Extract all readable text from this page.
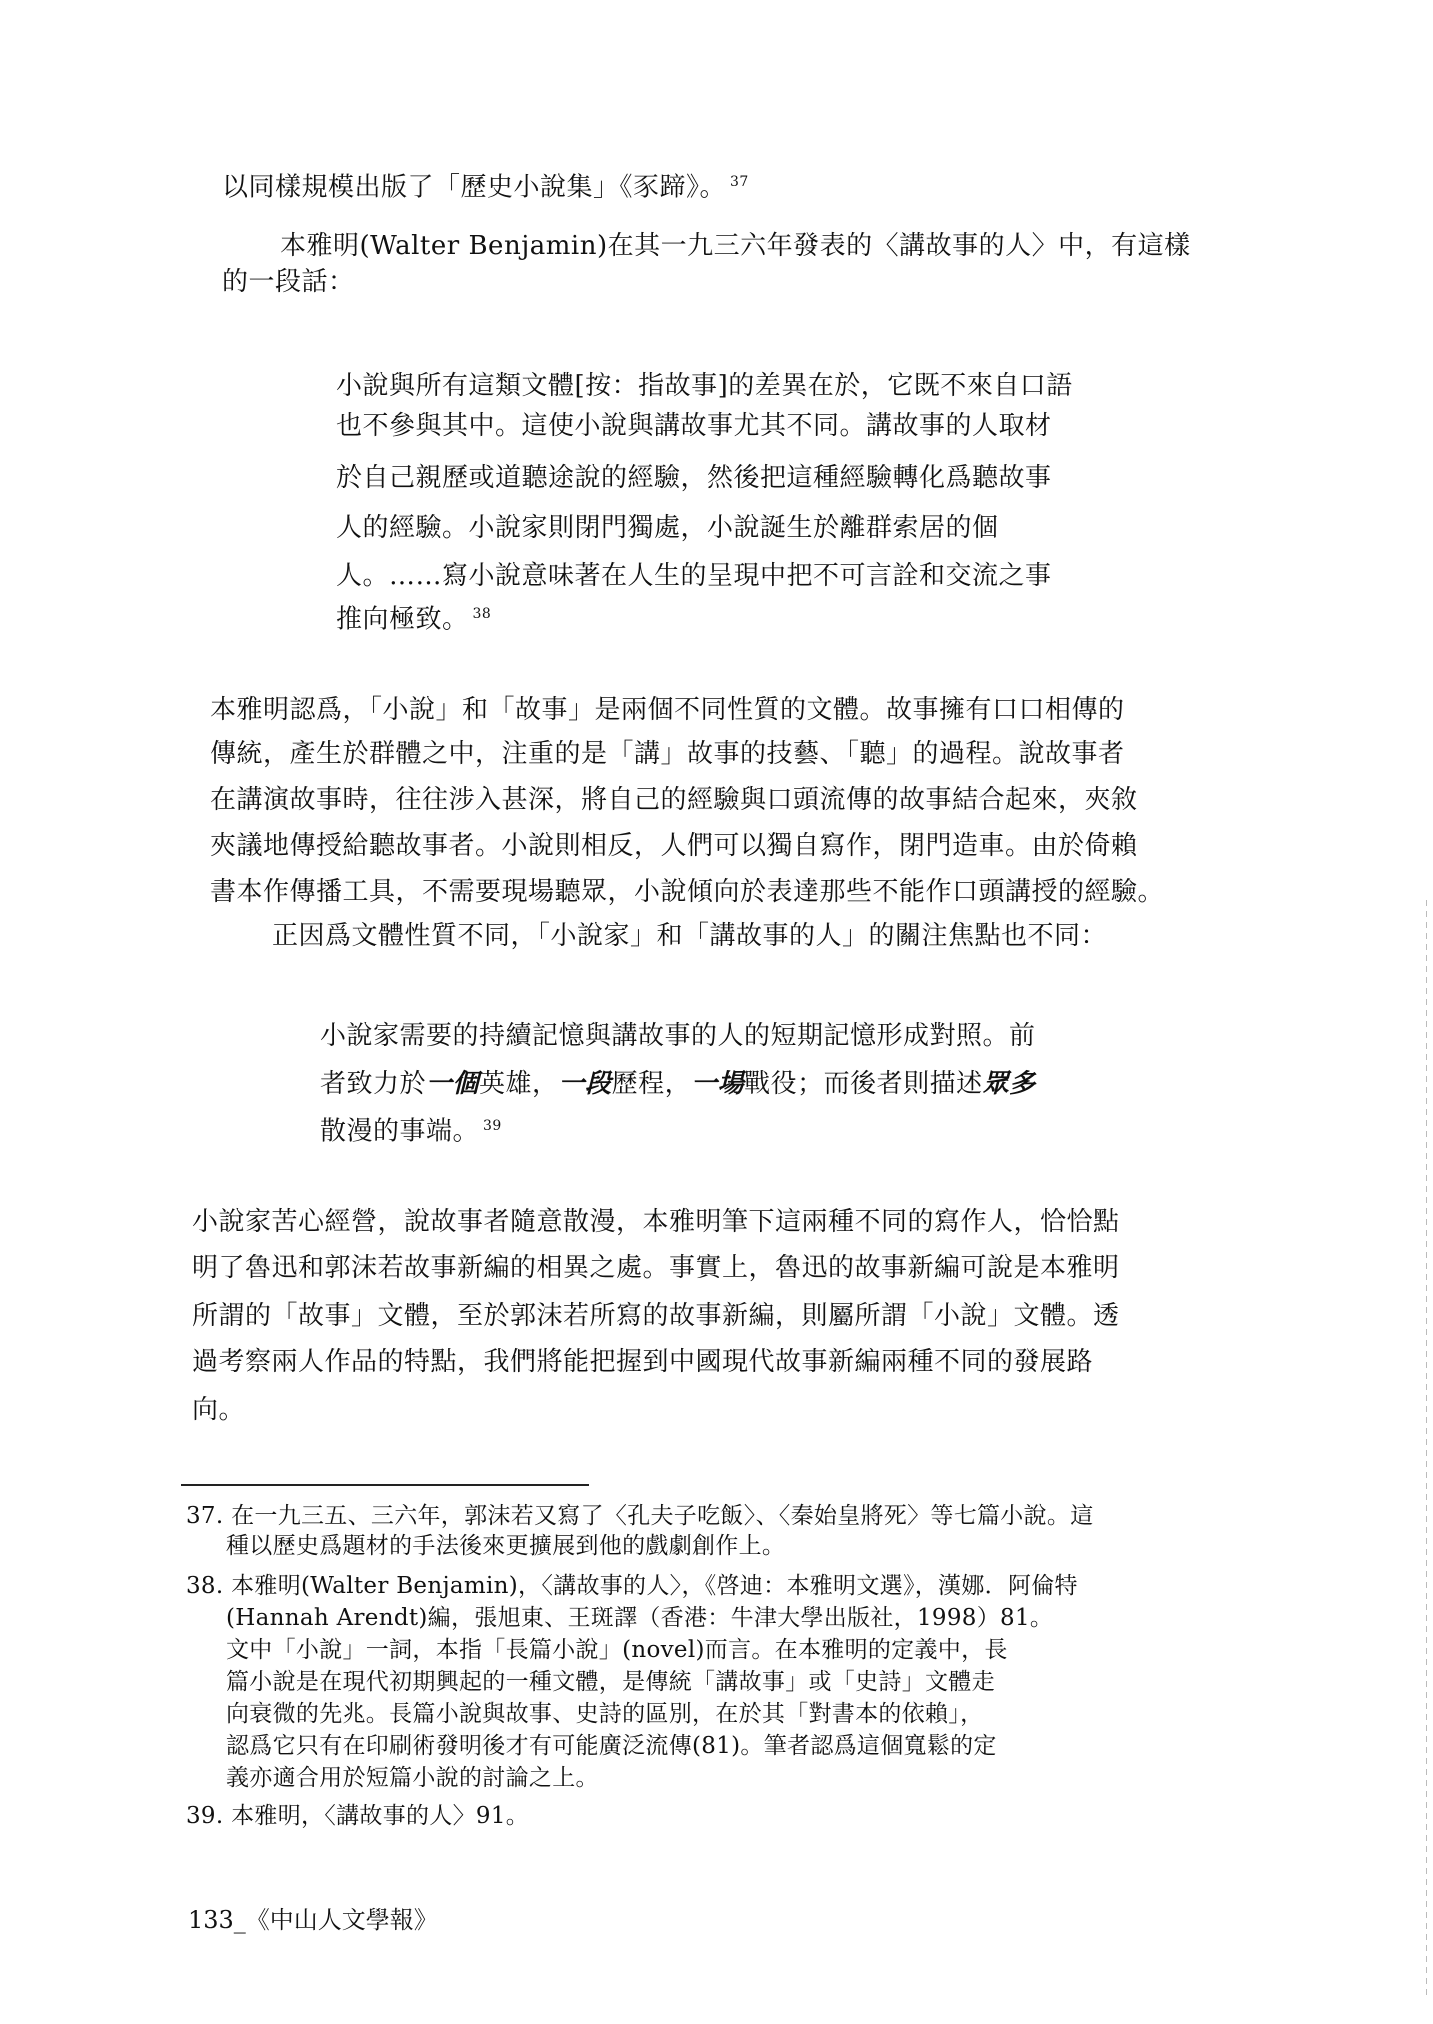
以同樣規模出版了「歷史小說集」《豕蹄》。 $^{37}$
本雅明(Walter Benjamin)在其一九三六年發表的〈講故事的人〉中，有這樣
的一段話：
小說與所有這類文體[按：指故事]的差異在於，它既不來自口語
也不參與其中。這使小說與講故事尤其不同。講故事的人取材
於自己親歷或道聽途說的經驗，然後把這種經驗轉化爲聽故事
人的經驗。小說家則閉門獨處，小說誕生於離群索居的個
人。……寫小說意味著在人生的呈現中把不可言詮和交流之事
推向極致。 $^{38}$
本雅明認爲，「小說」和「故事」是兩個不同性質的文體。故事擁有口口相傳的
傳統，產生於群體之中，注重的是「講」故事的技藝、「聽」的過程。說故事者
在講演故事時，往往涉入甚深，將自己的經驗與口頭流傳的故事結合起來，夾敘
夾議地傳授給聽故事者。小說則相反，人們可以獨自寫作，閉門造車。由於倚賴
書本作傳播工具，不需要現場聽眾，小說傾向於表達那些不能作口頭講授的經驗。
正因爲文體性質不同，「小說家」和「講故事的人」的關注焦點也不同：
小說家需要的持續記憶與講故事的人的短期記憶形成對照。前
者致力於一個英雄，一段歷程，一場戰役；而後者則描述眾多
散漫的事端。 $^{39}$
小說家苦心經營，說故事者隨意散漫，本雅明筆下這兩種不同的寫作人，恰恰點
明了魯迅和郭沫若故事新編的相異之處。事實上，魯迅的故事新編可說是本雅明
所謂的「故事」文體，至於郭沫若所寫的故事新編，則屬所謂「小說」文體。透
過考察兩人作品的特點，我們將能把握到中國現代故事新編兩種不同的發展路
向。
37. 在一九三五、三六年，郭沫若又寫了〈孔夫子吃飯〉、〈秦始皇將死〉等七篇小說。這
種以歷史爲題材的手法後來更擴展到他的戲劇創作上。
38. 本雅明(Walter Benjamin)，〈講故事的人〉，《啓迪：本雅明文選》，漢娜．阿倫特
(Hannah Arendt)編，張旭東、王斑譯（香港：牛津大學出版社，1998）81。
文中「小說」一詞，本指「長篇小說」(novel)而言。在本雅明的定義中，長
篇小說是在現代初期興起的一種文體，是傳統「講故事」或「史詩」文體走
向衰微的先兆。長篇小說與故事、史詩的區別，在於其「對書本的依賴」，
認爲它只有在印刷術發明後才有可能廣泛流傳(81)。筆者認爲這個寬鬆的定
義亦適合用於短篇小說的討論之上。
39. 本雅明，〈講故事的人〉91。
133_《中山人文學報》
